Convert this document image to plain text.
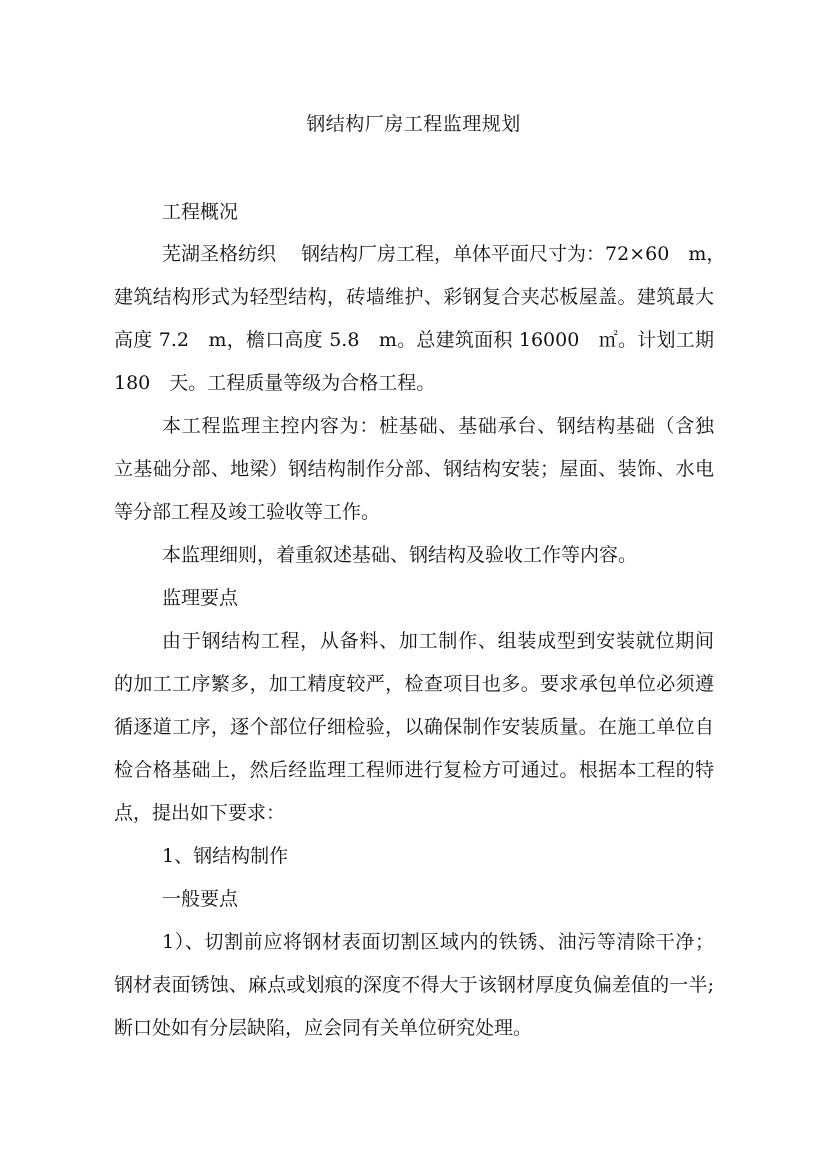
钢结构厂房工程监理规划
工程概况
芜湖圣格纺织　 钢结构厂房工程，单体平面尺寸为：72×60　m，
建筑结构形式为轻型结构，砖墙维护、彩钢复合夹芯板屋盖。建筑最大
高度 7.2　m，檐口高度 5.8　m。总建筑面积 16000　㎡。计划工期
180　天。工程质量等级为合格工程。
本工程监理主控内容为：桩基础、基础承台、钢结构基础（含独
立基础分部、地梁）钢结构制作分部、钢结构安装；屋面、装饰、水电
等分部工程及竣工验收等工作。
本监理细则，着重叙述基础、钢结构及验收工作等内容。
监理要点
由于钢结构工程，从备料、加工制作、组装成型到安装就位期间
的加工工序繁多，加工精度较严，检查项目也多。要求承包单位必须遵
循逐道工序，逐个部位仔细检验，以确保制作安装质量。在施工单位自
检合格基础上，然后经监理工程师进行复检方可通过。根据本工程的特
点，提出如下要求：
1、钢结构制作
一般要点
1）、切割前应将钢材表面切割区域内的铁锈、油污等清除干净；
钢材表面锈蚀、麻点或划痕的深度不得大于该钢材厚度负偏差值的一半;
断口处如有分层缺陷，应会同有关单位研究处理。
